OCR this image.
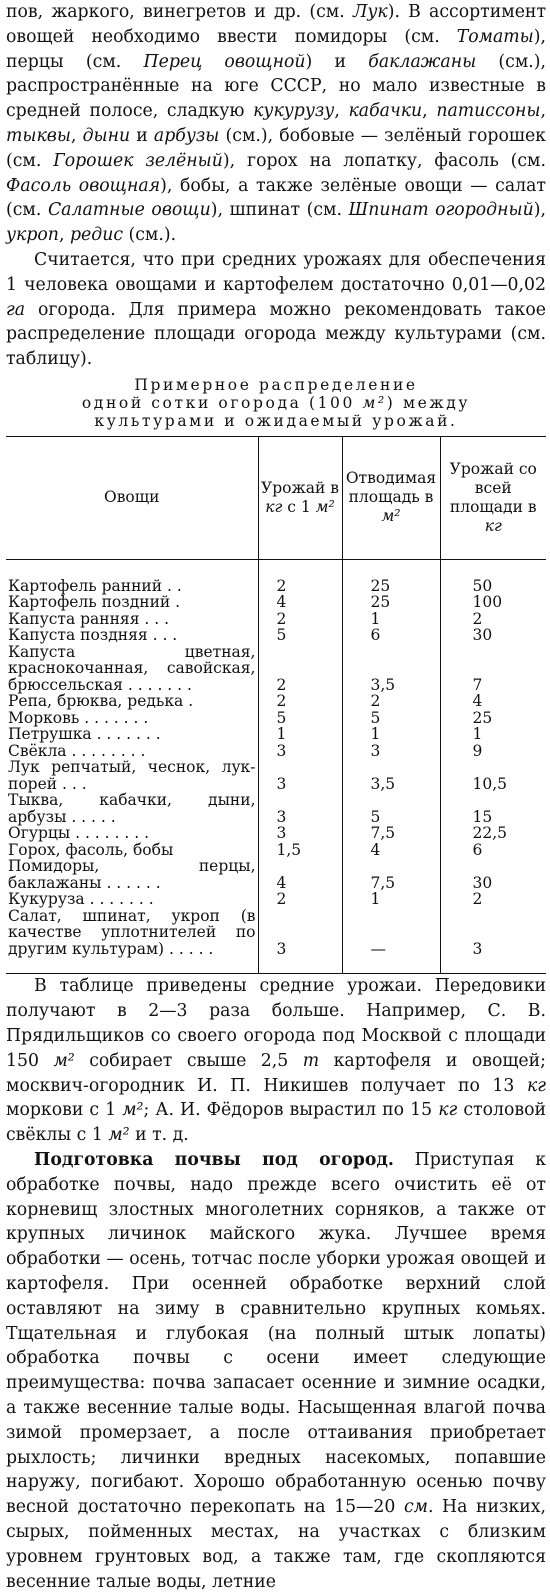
пов, жаркого, винегретов и др. (см. Лук). В ассортимент овощей необходимо ввести помидоры (см. Томаты), перцы (см. Перец овощной) и баклажаны (см.), распространённые на юге СССР, но мало известные в средней полосе, сладкую кукурузу, кабачки, патиссоны, тыквы, дыни и арбузы (см.), бобовые — зелёный горошек (см. Горошек зелёный), горох на лопатку, фасоль (см. Фасоль овощная), бобы, а также зелёные овощи — салат (см. Салатные овощи), шпинат (см. Шпинат огородный), укроп, редис (см.).

Считается, что при средних урожаях для обеспечения 1 человека овощами и картофелем достаточно 0,01—0,02 га огорода. Для примера можно рекомендовать такое распределение площади огорода между культурами (см. таблицу).

Примерное распределение
одной сотки огорода (100 м²) между
культурами и ожидаемый урожай.
Овощи	Урожай в кг с 1 м²	Отводимая площадь в м²	Урожай со всей площади в кг
Картофель ранний . .	2	25	50
Картофель поздний .	4	25	100
Капуста ранняя . . .	2	1	2
Капуста поздняя . . .	5	6	30
Капуста цветная, краснокочанная, савойская, брюссельская . . . . . . .	2	3,5	7
Репа, брюква, редька .	2	2	4
Морковь . . . . . . .	5	5	25
Петрушка . . . . . . .	1	1	1
Свёкла . . . . . . . .	3	3	9
Лук репчатый, чеснок, лук-порей . . .	3	3,5	10,5
Тыква, кабачки, дыни, арбузы . . . . .	3	5	15
Огурцы . . . . . . . .	3	7,5	22,5
Горох, фасоль, бобы	1,5	4	6
Помидоры, перцы, баклажаны . . . . . .	4	7,5	30
Кукуруза . . . . . . .	2	1	2
Салат, шпинат, укроп (в качестве уплотнителей по другим культурам) . . . . .	3	—	3

В таблице приведены средние урожаи. Передовики получают в 2—3 раза больше. Например, С. В. Прядильщиков со своего огорода под Москвой с площади 150 м² собирает свыше 2,5 т картофеля и овощей; москвич-огородник И. П. Никишев получает по 13 кг моркови с 1 м²; А. И. Фёдоров вырастил по 15 кг столовой свёклы с 1 м² и т. д.

Подготовка почвы под огород. Приступая к обработке почвы, надо прежде всего очистить её от корневищ злостных многолетних сорняков, а также от крупных личинок майского жука. Лучшее время обработки — осень, тотчас после уборки урожая овощей и картофеля. При осенней обработке верхний слой оставляют на зиму в сравнительно крупных комьях. Тщательная и глубокая (на полный штык лопаты) обработка почвы с осени имеет следующие преимущества: почва запасает осенние и зимние осадки, а также весенние талые воды. Насыщенная влагой почва зимой промерзает, а после оттаивания приобретает рыхлость; личинки вредных насекомых, попавшие наружу, погибают. Хорошо обработанную осенью почву весной достаточно перекопать на 15—20 см. На низких, сырых, пойменных местах, на участках с близким уровнем грунтовых вод, а также там, где скопляются весенние талые воды, летние
